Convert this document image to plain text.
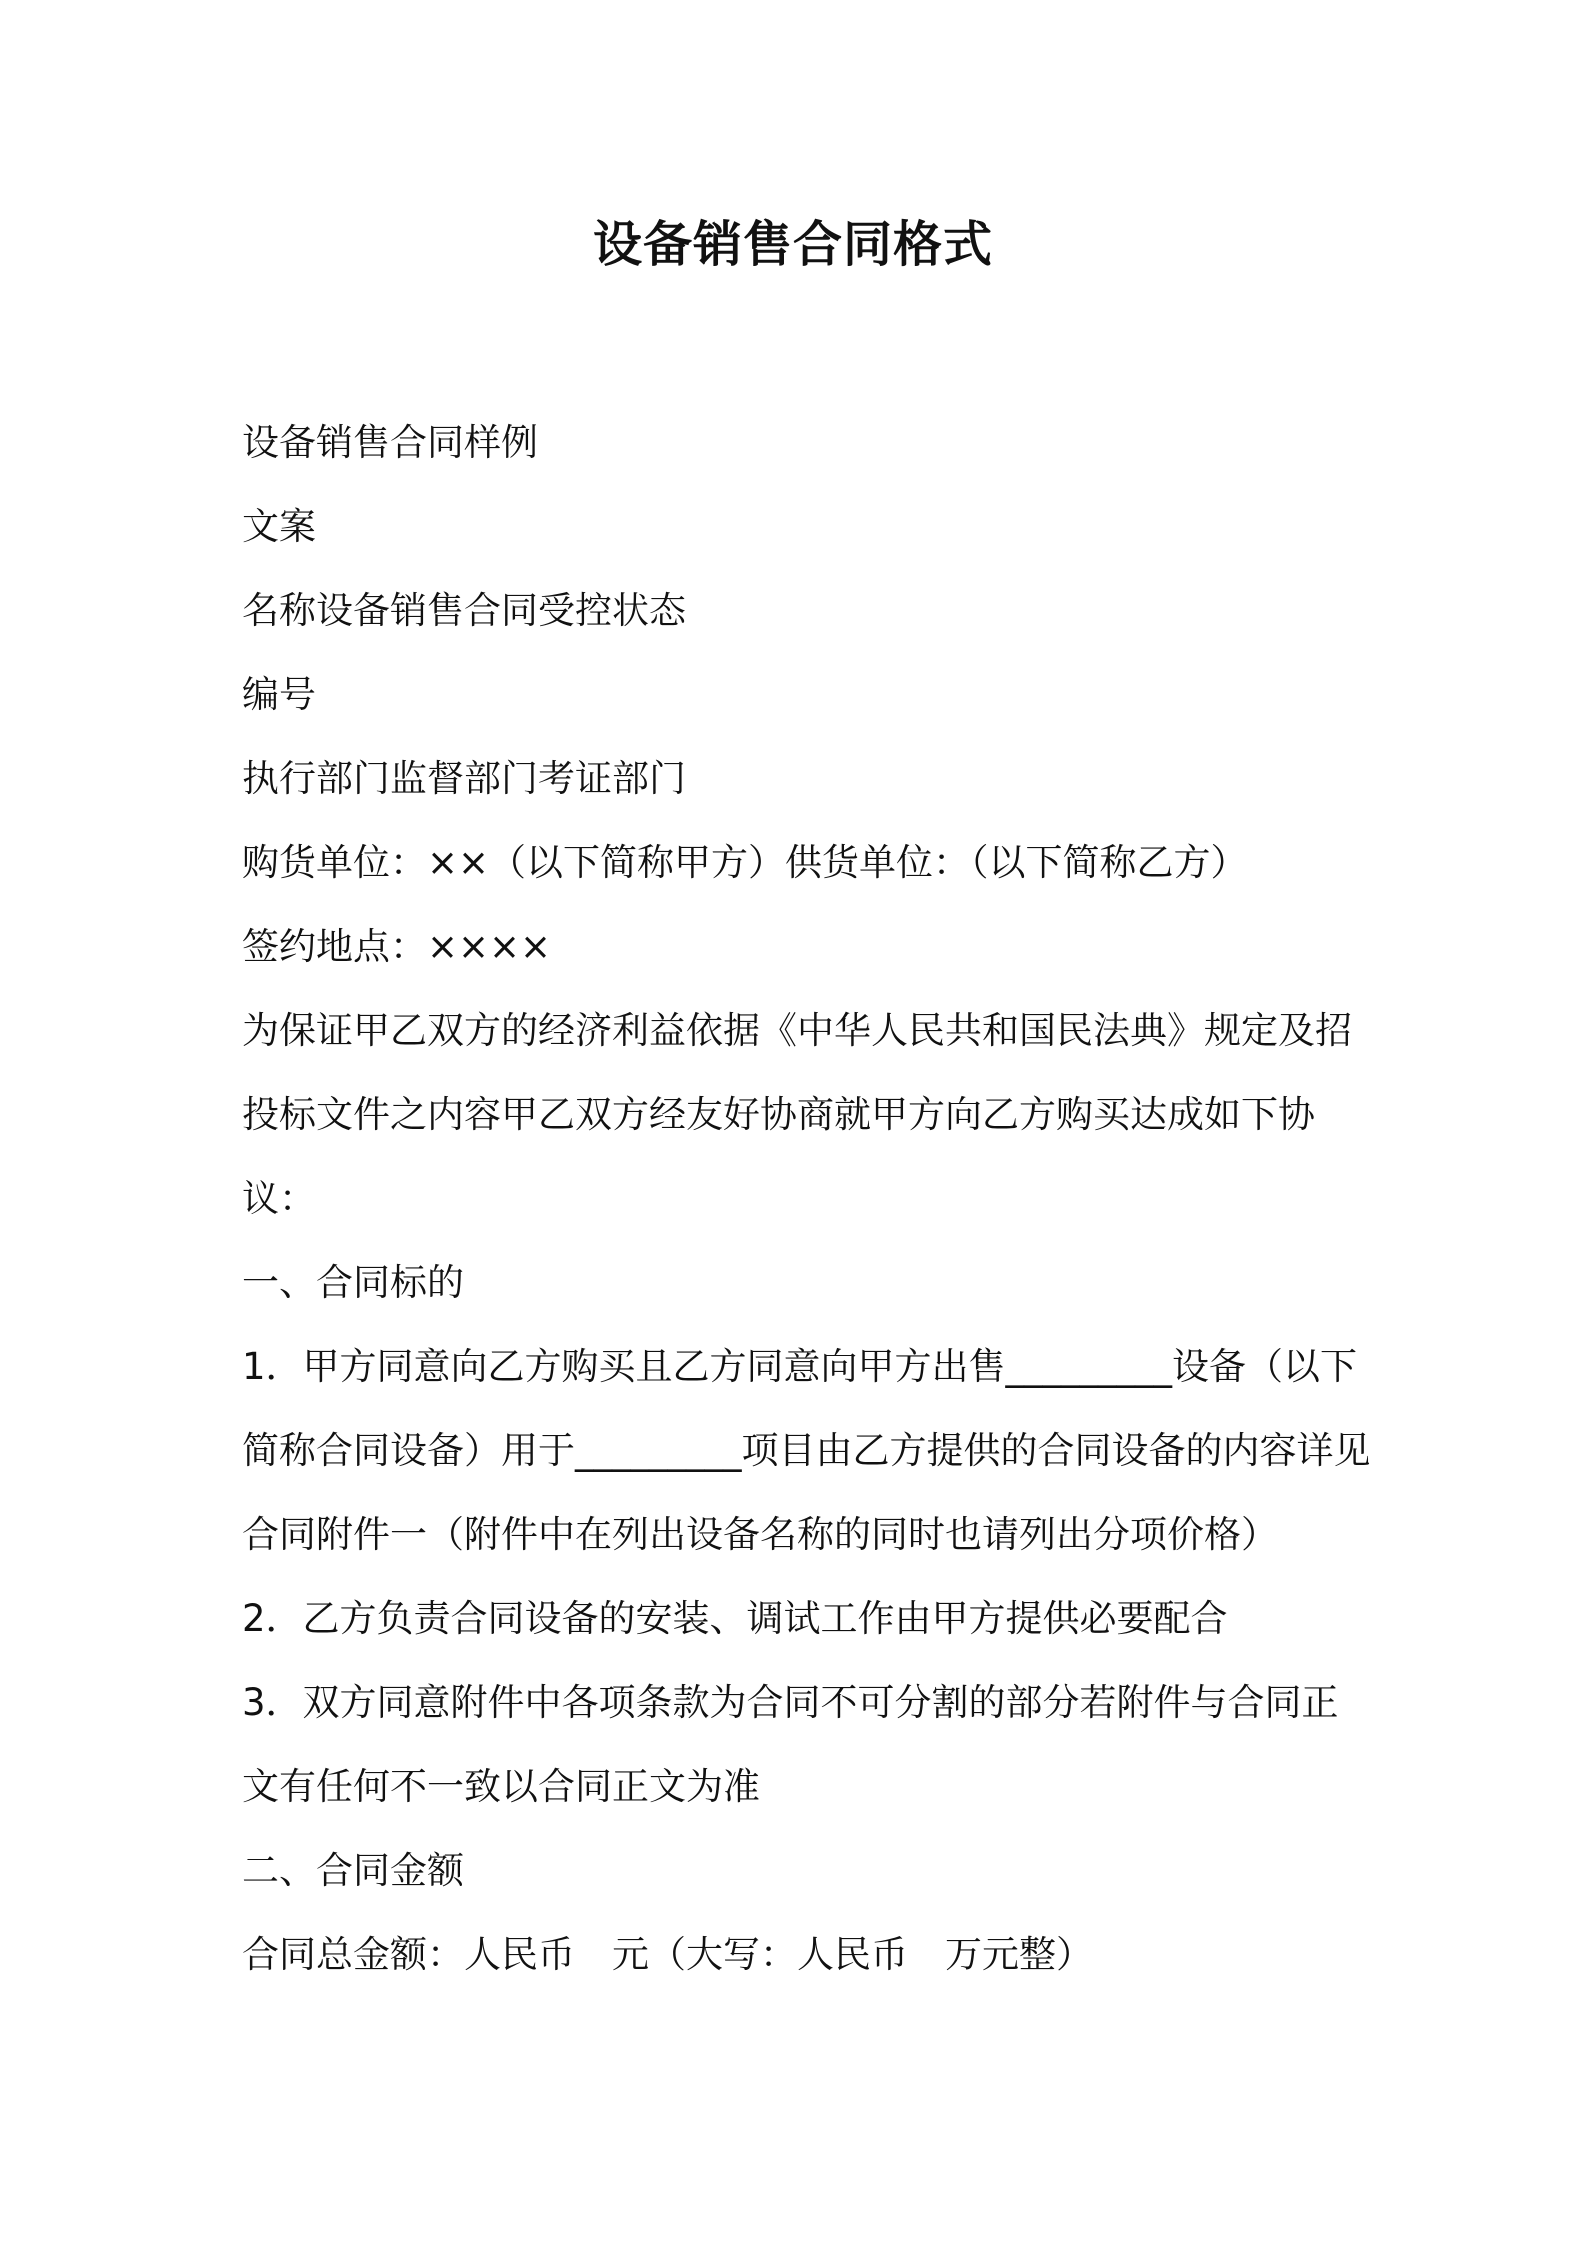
设备销售合同格式

设备销售合同样例

文案

名称设备销售合同受控状态

编号

执行部门监督部门考证部门

购货单位：××（以下简称甲方）供货单位：（以下简称乙方）

签约地点：××××

为保证甲乙双方的经济利益依据《中华人民共和国民法典》规定及招投标文件之内容甲乙双方经友好协商就甲方向乙方购买达成如下协议：

一、合同标的

1．甲方同意向乙方购买且乙方同意向甲方出售_________设备（以下简称合同设备）用于_________项目由乙方提供的合同设备的内容详见合同附件一（附件中在列出设备名称的同时也请列出分项价格）

2．乙方负责合同设备的安装、调试工作由甲方提供必要配合

3．双方同意附件中各项条款为合同不可分割的部分若附件与合同正文有任何不一致以合同正文为准

二、合同金额

合同总金额：人民币　元（大写：人民币　万元整）
